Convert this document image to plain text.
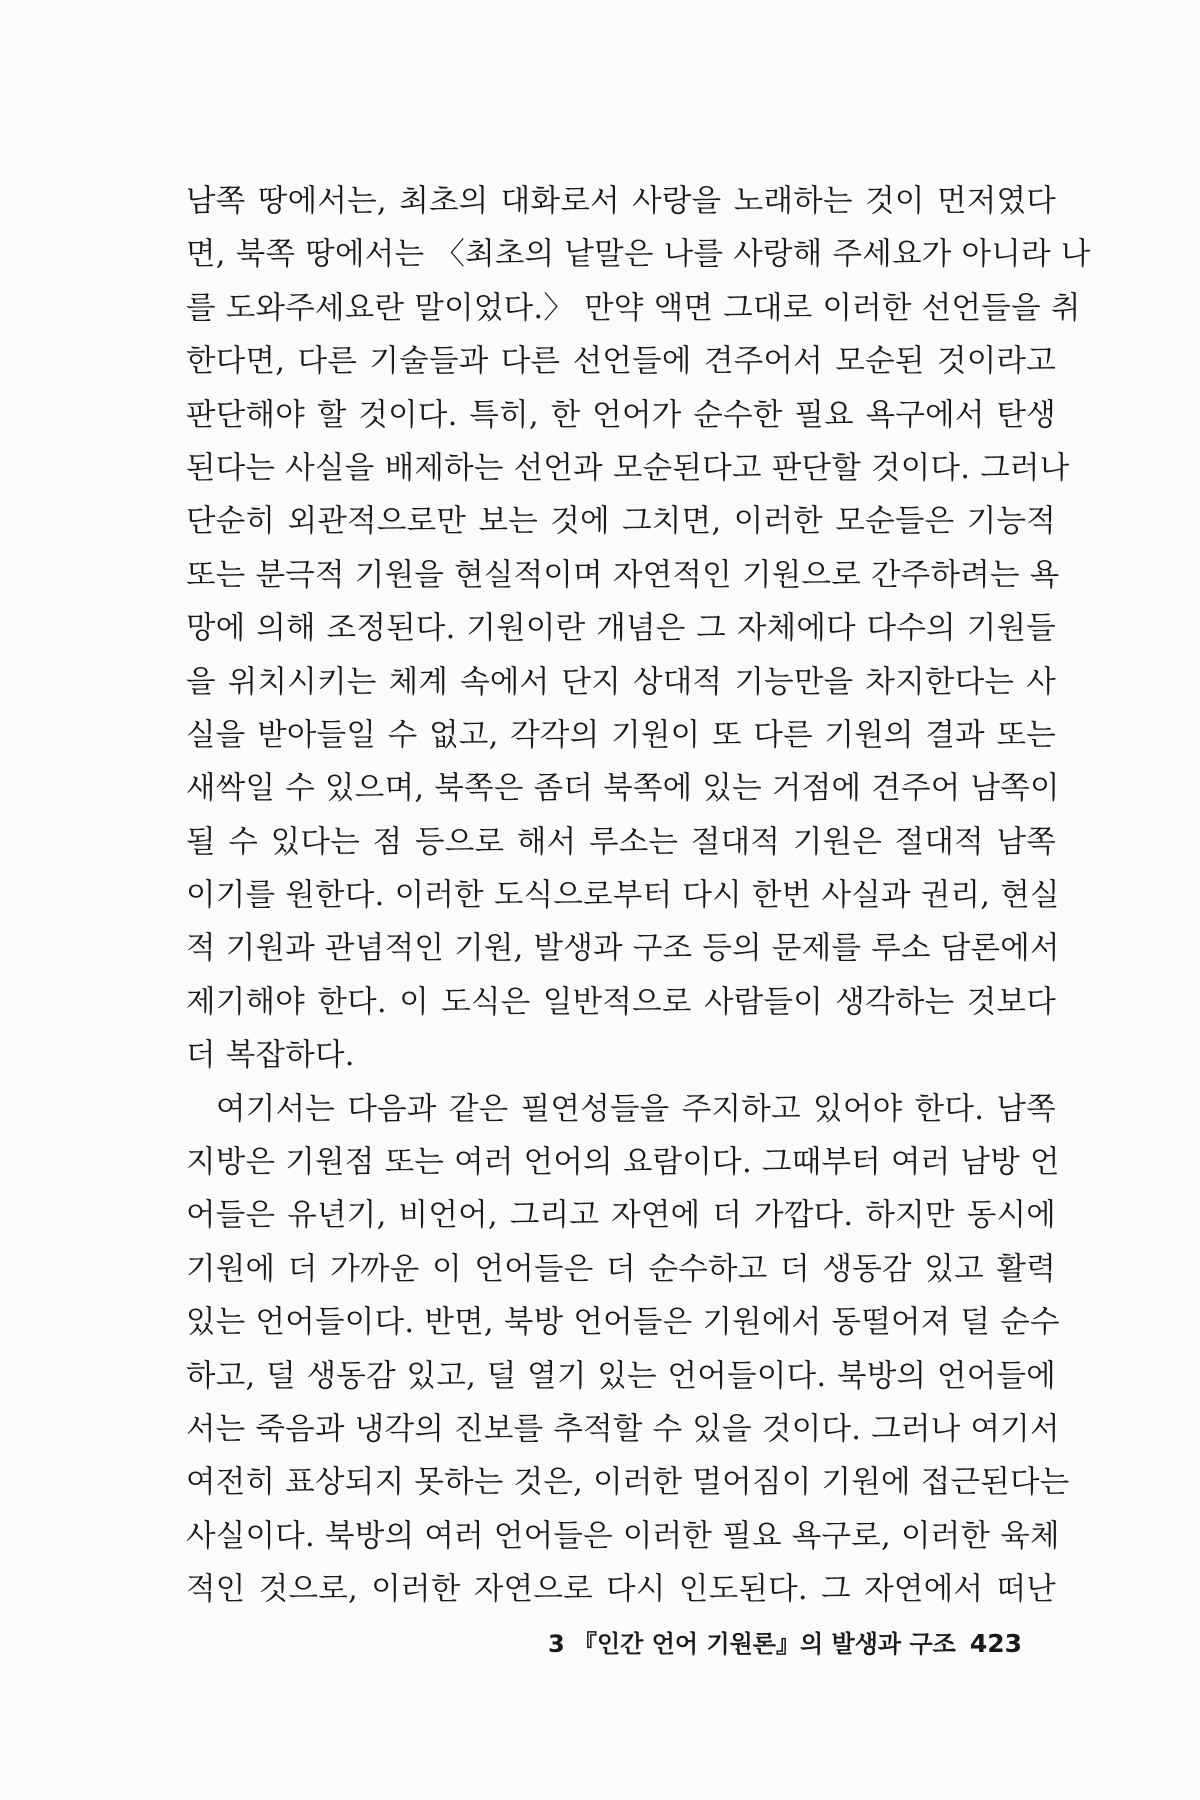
남쪽 땅에서는, 최초의 대화로서 사랑을 노래하는 것이 먼저였다
면, 북쪽 땅에서는 〈최초의 낱말은 나를 사랑해 주세요가 아니라 나
를 도와주세요란 말이었다.〉 만약 액면 그대로 이러한 선언들을 취
한다면, 다른 기술들과 다른 선언들에 견주어서 모순된 것이라고
판단해야 할 것이다. 특히, 한 언어가 순수한 필요 욕구에서 탄생
된다는 사실을 배제하는 선언과 모순된다고 판단할 것이다. 그러나
단순히 외관적으로만 보는 것에 그치면, 이러한 모순들은 기능적
또는 분극적 기원을 현실적이며 자연적인 기원으로 간주하려는 욕
망에 의해 조정된다. 기원이란 개념은 그 자체에다 다수의 기원들
을 위치시키는 체계 속에서 단지 상대적 기능만을 차지한다는 사
실을 받아들일 수 없고, 각각의 기원이 또 다른 기원의 결과 또는
새싹일 수 있으며, 북쪽은 좀더 북쪽에 있는 거점에 견주어 남쪽이
될 수 있다는 점 등으로 해서 루소는 절대적 기원은 절대적 남쪽
이기를 원한다. 이러한 도식으로부터 다시 한번 사실과 권리, 현실
적 기원과 관념적인 기원, 발생과 구조 등의 문제를 루소 담론에서
제기해야 한다. 이 도식은 일반적으로 사람들이 생각하는 것보다
더 복잡하다.
여기서는 다음과 같은 필연성들을 주지하고 있어야 한다. 남쪽
지방은 기원점 또는 여러 언어의 요람이다. 그때부터 여러 남방 언
어들은 유년기, 비언어, 그리고 자연에 더 가깝다. 하지만 동시에
기원에 더 가까운 이 언어들은 더 순수하고 더 생동감 있고 활력
있는 언어들이다. 반면, 북방 언어들은 기원에서 동떨어져 덜 순수
하고, 덜 생동감 있고, 덜 열기 있는 언어들이다. 북방의 언어들에
서는 죽음과 냉각의 진보를 추적할 수 있을 것이다. 그러나 여기서
여전히 표상되지 못하는 것은, 이러한 멀어짐이 기원에 접근된다는
사실이다. 북방의 여러 언어들은 이러한 필요 욕구로, 이러한 육체
적인 것으로, 이러한 자연으로 다시 인도된다. 그 자연에서 떠난
3 『인간 언어 기원론』의 발생과 구조 423
